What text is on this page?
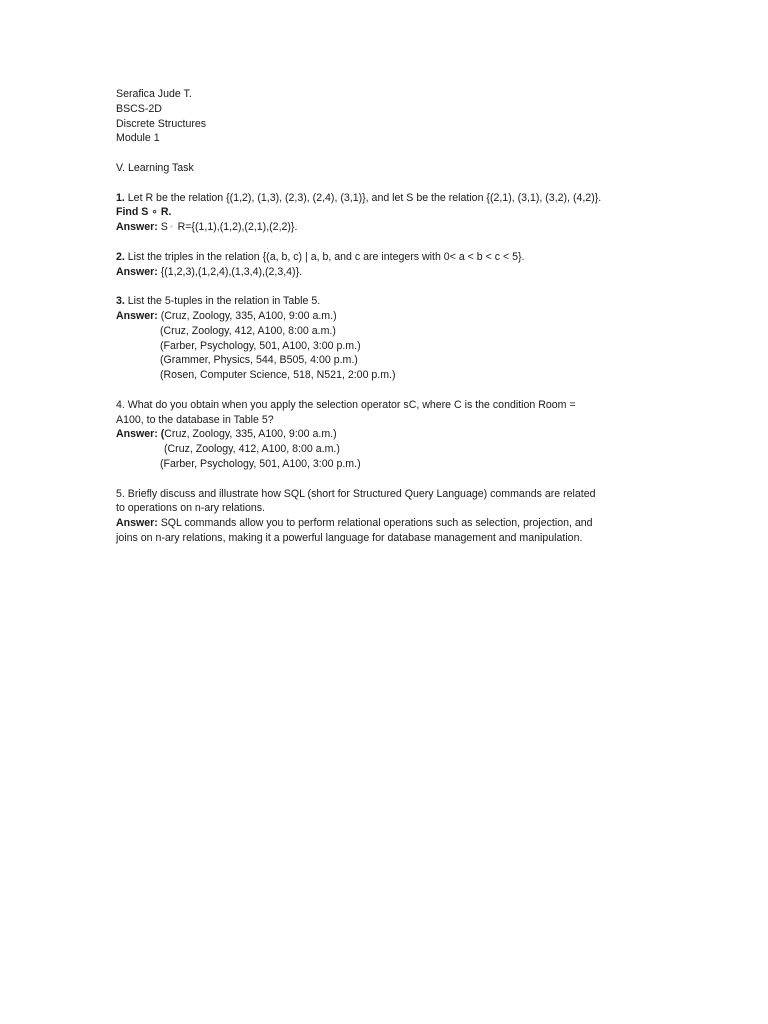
Serafica Jude T.
BSCS-2D
Discrete Structures
Module 1
V. Learning Task
1. Let R be the relation {(1,2), (1,3), (2,3), (2,4), (3,1)}, and let S be the relation {(2,1), (3,1), (3,2), (4,2)}.
Find S ∘ R.
Answer: S ▫ R={(1,1),(1,2),(2,1),(2,2)}.
2. List the triples in the relation {(a, b, c) | a, b, and c are integers with 0< a < b < c < 5}.
Answer: {(1,2,3),(1,2,4),(1,3,4),(2,3,4)}.
3. List the 5-tuples in the relation in Table 5.
Answer: (Cruz, Zoology, 335, A100, 9:00 a.m.)
(Cruz, Zoology, 412, A100, 8:00 a.m.)
(Farber, Psychology, 501, A100, 3:00 p.m.)
(Grammer, Physics, 544, B505, 4:00 p.m.)
(Rosen, Computer Science, 518, N521, 2:00 p.m.)
4. What do you obtain when you apply the selection operator sC, where C is the condition Room =
A100, to the database in Table 5?
Answer: (Cruz, Zoology, 335, A100, 9:00 a.m.)
(Cruz, Zoology, 412, A100, 8:00 a.m.)
(Farber, Psychology, 501, A100, 3:00 p.m.)
5. Briefly discuss and illustrate how SQL (short for Structured Query Language) commands are related
to operations on n-ary relations.
Answer: SQL commands allow you to perform relational operations such as selection, projection, and
joins on n-ary relations, making it a powerful language for database management and manipulation.
